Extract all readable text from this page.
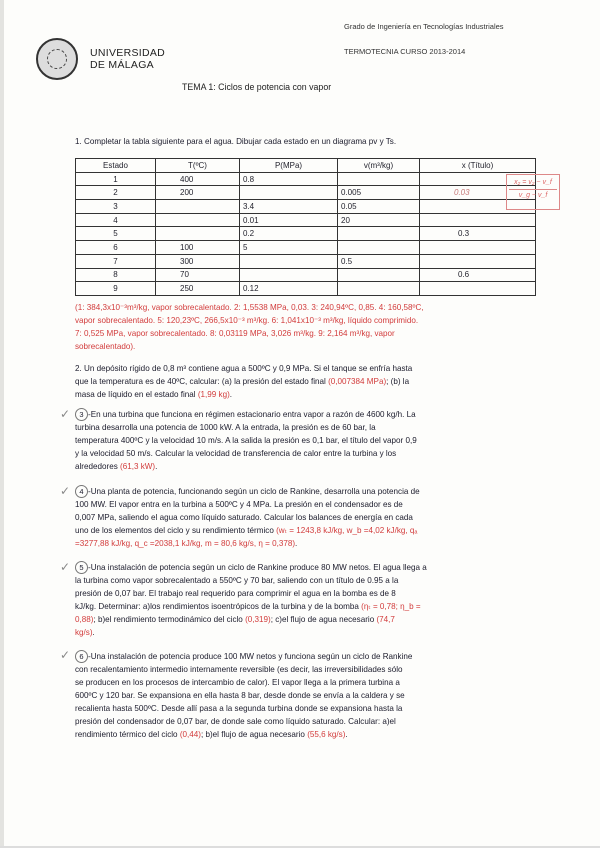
UNIVERSIDAD
DE MÁLAGA
Grado de Ingeniería en Tecnologías Industriales
TERMOTECNIA CURSO 2013-2014
TEMA 1: Ciclos de potencia con vapor
1. Completar la tabla siguiente para el agua. Dibujar cada estado en un diagrama pv y Ts.
Estado	T(ºC)	P(MPa)	v(m³/kg)	x (Título)
1	400	0.8		
2	200		0.005	0.03
3		3.4	0.05	
4		0.01	20	
5		0.2		0.3
6	100	5		
7	300		0.5	
8	70			0.6
9	250	0.12		
x₂ = v₂ − v_f
v_g − v_f

(1: 384,3x10⁻³m³/kg, vapor sobrecalentado. 2: 1,5538 MPa, 0,03. 3: 240,94ºC, 0,85. 4: 160,58ºC,

vapor sobrecalentado. 5: 120,23ºC, 266,5x10⁻³ m³/kg. 6: 1,041x10⁻³ m³/kg, líquido comprimido.

7: 0,525 MPa, vapor sobrecalentado. 8: 0,03119 MPa, 3,026 m³/kg. 9: 2,164 m³/kg, vapor

sobrecalentado).

2. Un depósito rígido de 0,8 m³ contiene agua a 500ºC y 0,9 MPa. Si el tanque se enfría hasta

que la temperatura es de 40ºC, calcular: (a) la presión del estado final (0,007384 MPa); (b) la

masa de líquido en el estado final (1,99 kg).

✓	3 -En una turbina que funciona en régimen estacionario entra vapor a razón de 4600 kg/h. La

turbina desarrolla una potencia de 1000 kW. A la entrada, la presión es de 60 bar, la

temperatura 400ºC y la velocidad 10 m/s. A la salida la presión es 0,1 bar, el título del vapor 0,9

y la velocidad 50 m/s. Calcular la velocidad de transferencia de calor entre la turbina y los

alrededores (61,3 kW).

✓	4 -Una planta de potencia, funcionando según un ciclo de Rankine, desarrolla una potencia de

100 MW. El vapor entra en la turbina a 500ºC y 4 MPa. La presión en el condensador es de

0,007 MPa, saliendo el agua como líquido saturado. Calcular los balances de energía en cada

uno de los elementos del ciclo y su rendimiento térmico (wₜ = 1243,8 kJ/kg, w_b =4,02 kJ/kg, qₐ

=3277,88 kJ/kg, q_c =2038,1 kJ/kg, m = 80,6 kg/s, η = 0,378).

✓	5 -Una instalación de potencia según un ciclo de Rankine produce 80 MW netos. El agua llega a

la turbina como vapor sobrecalentado a 550ºC y 70 bar, saliendo con un título de 0.95 a la

presión de 0,07 bar. El trabajo real requerido para comprimir el agua en la bomba es de 8

kJ/kg. Determinar: a)los rendimientos isoentrópicos de la turbina y de la bomba (ηₜ = 0,78; η_b =

0,88); b)el rendimiento termodinámico del ciclo (0,319); c)el flujo de agua necesario (74,7

kg/s).

✓	6 -Una instalación de potencia produce 100 MW netos y funciona según un ciclo de Rankine

con recalentamiento intermedio internamente reversible (es decir, las irreversibilidades sólo

se producen en los procesos de intercambio de calor). El vapor llega a la primera turbina a

600ºC y 120 bar. Se expansiona en ella hasta 8 bar, desde donde se envía a la caldera y se

recalienta hasta 500ºC. Desde allí pasa a la segunda turbina donde se expansiona hasta la

presión del condensador de 0,07 bar, de donde sale como líquido saturado. Calcular: a)el

rendimiento térmico del ciclo (0,44); b)el flujo de agua necesario (55,6 kg/s).
